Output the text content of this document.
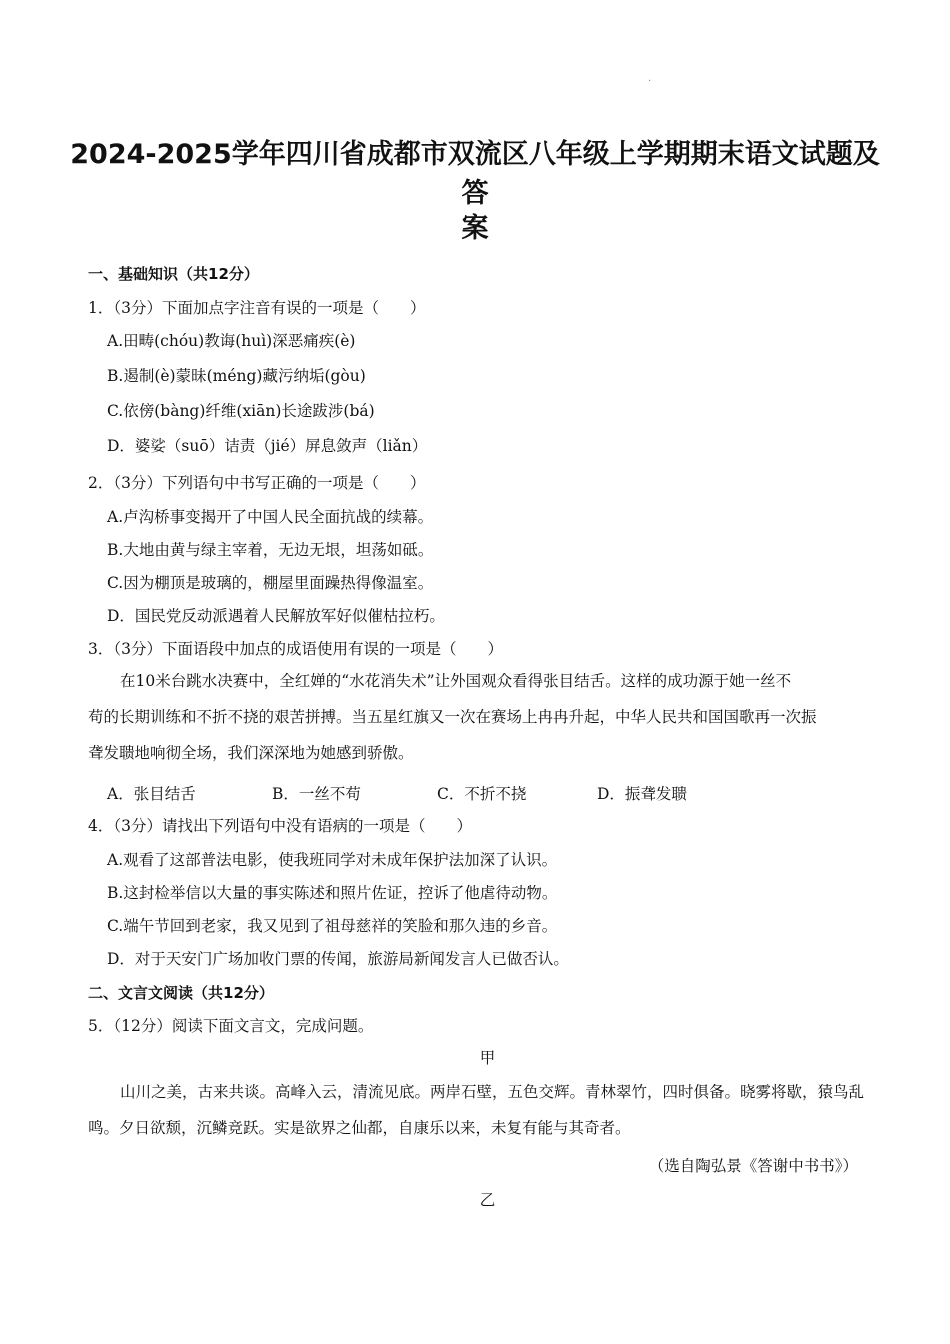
·
2024-2025学年四川省成都市双流区八年级上学期期末语文试题及答
案
一、基础知识（共12分）
1．（3分）下面加点字注音有误的一项是（　　）
A.田畴(chóu)教诲(huì)深恶痛疾(è)
B.遏制(è)蒙昧(méng)藏污纳垢(gòu)
C.依傍(bàng)纤维(xiān)长途跋涉(bá)
D．婆娑（suō）诘责（jié）屏息敛声（liǎn）
2．（3分）下列语句中书写正确的一项是（　　）
A.卢沟桥事变揭开了中国人民全面抗战的续幕。
B.大地由黄与绿主宰着，无边无垠，坦荡如砥。
C.因为棚顶是玻璃的，棚屋里面躁热得像温室。
D．国民党反动派遇着人民解放军好似催枯拉朽。
3．（3分）下面语段中加点的成语使用有误的一项是（　　）
在10米台跳水决赛中，全红婵的“水花消失术”让外国观众看得张目结舌。这样的成功源于她一丝不
苟的长期训练和不折不挠的艰苦拼搏。当五星红旗又一次在赛场上冉冉升起，中华人民共和国国歌再一次振
聋发聩地响彻全场，我们深深地为她感到骄傲。
A．张目结舌	B．一丝不苟	C．不折不挠	D．振聋发聩
4．（3分）请找出下列语句中没有语病的一项是（　　）
A.观看了这部普法电影，使我班同学对未成年保护法加深了认识。
B.这封检举信以大量的事实陈述和照片佐证，控诉了他虐待动物。
C.端午节回到老家，我又见到了祖母慈祥的笑脸和那久违的乡音。
D．对于天安门广场加收门票的传闻，旅游局新闻发言人已做否认。
二、文言文阅读（共12分）
5．（12分）阅读下面文言文，完成问题。
甲
山川之美，古来共谈。高峰入云，清流见底。两岸石壁，五色交辉。青林翠竹，四时俱备。晓雾将歇，猿鸟乱
鸣。夕日欲颓，沉鳞竞跃。实是欲界之仙都，自康乐以来，未复有能与其奇者。
（选自陶弘景《答谢中书书》）
乙
